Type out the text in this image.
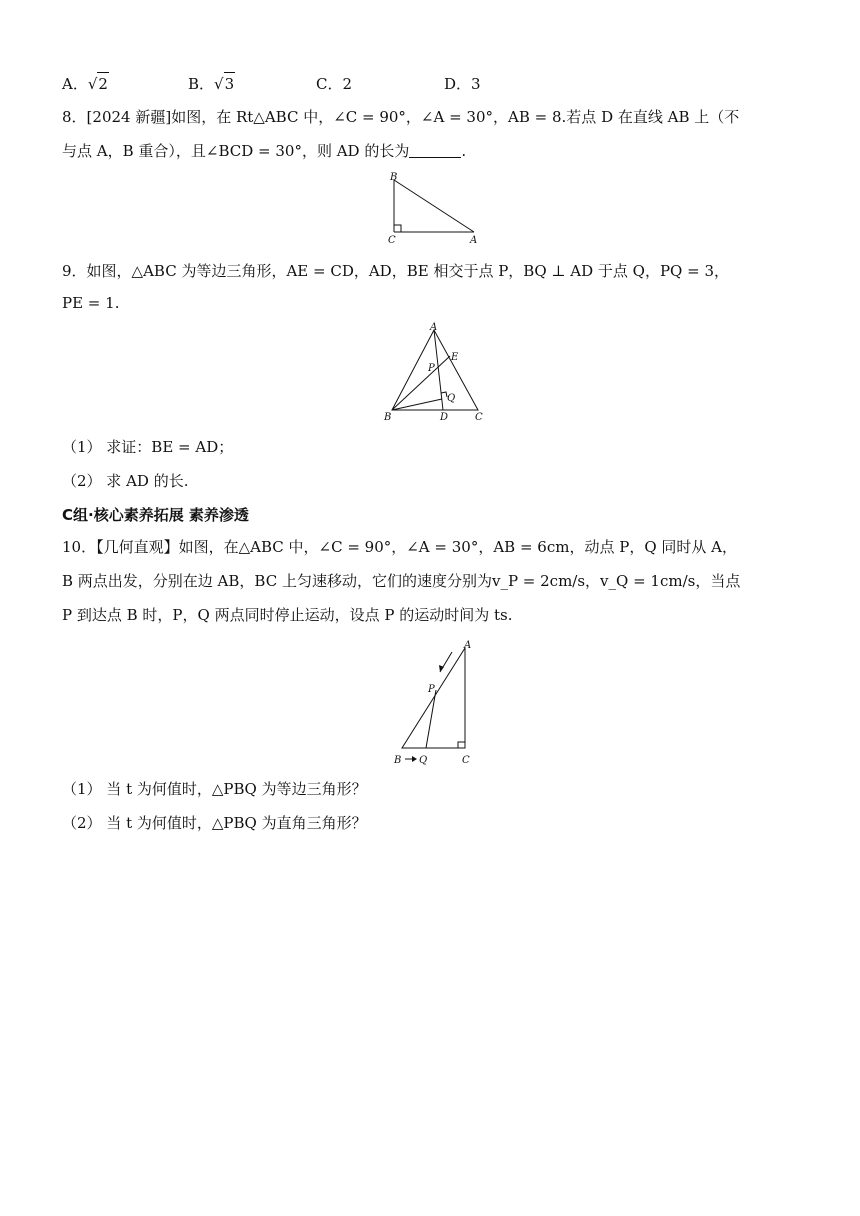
A．√2	B．√3	C．2	D．3
8．[2024 新疆]如图，在 Rt△ABC 中，∠C = 90°，∠A = 30°，AB = 8.若点 D 在直线 AB 上（不
与点 A，B 重合），且∠BCD = 30°，则 AD 的长为	.
B
C	A
9．如图，△ABC 为等边三角形，AE = CD，AD，BE 相交于点 P，BQ ⊥ AD 于点 Q，PQ = 3，
PE = 1.
A
E
P
Q
B	D	C
（1） 求证：BE = AD；
（2） 求 AD 的长.
C组·核心素养拓展 素养渗透
10．【几何直观】如图，在△ABC 中，∠C = 90°，∠A = 30°，AB = 6cm，动点 P，Q 同时从 A，
B 两点出发，分别在边 AB，BC 上匀速移动，它们的速度分别为v_P = 2cm/s，v_Q = 1cm/s，当点
P 到达点 B 时，P，Q 两点同时停止运动，设点 P 的运动时间为 ts.
A
P
B Q	C
（1） 当 t 为何值时，△PBQ 为等边三角形？
（2） 当 t 为何值时，△PBQ 为直角三角形？
